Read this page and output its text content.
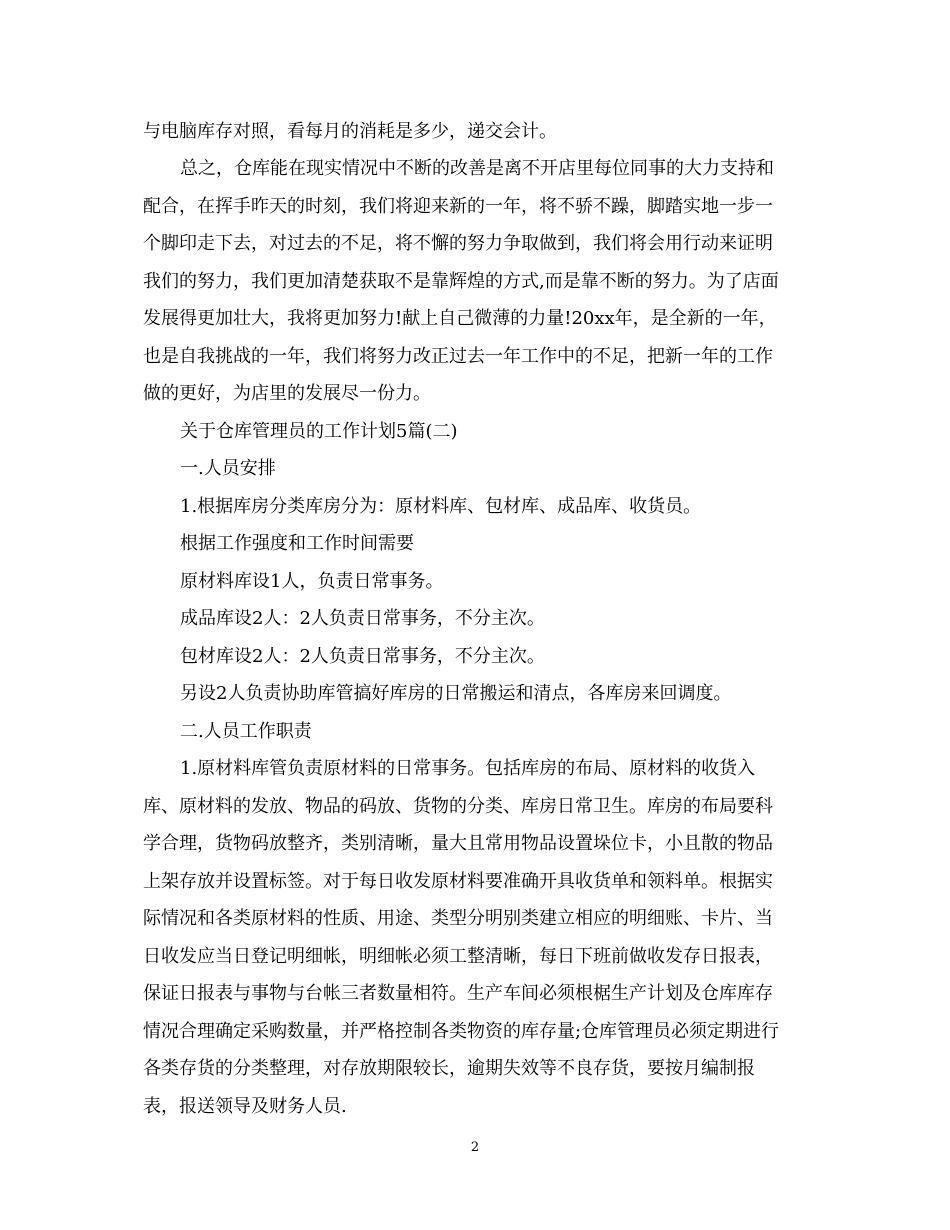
与电脑库存对照，看每月的消耗是多少，递交会计。
总之，仓库能在现实情况中不断的改善是离不开店里每位同事的大力支持和
配合，在挥手昨天的时刻，我们将迎来新的一年，将不骄不躁，脚踏实地一步一
个脚印走下去，对过去的不足，将不懈的努力争取做到，我们将会用行动来证明
我们的努力，我们更加清楚获取不是靠辉煌的方式,而是靠不断的努力。为了店面
发展得更加壮大，我将更加努力!献上自己微薄的力量!20xx年，是全新的一年，
也是自我挑战的一年，我们将努力改正过去一年工作中的不足，把新一年的工作
做的更好，为店里的发展尽一份力。
关于仓库管理员的工作计划5篇(二)
一.人员安排
1.根据库房分类库房分为：原材料库、包材库、成品库、收货员。
根据工作强度和工作时间需要
原材料库设1人，负责日常事务。
成品库设2人：2人负责日常事务，不分主次。
包材库设2人：2人负责日常事务，不分主次。
另设2人负责协助库管搞好库房的日常搬运和清点，各库房来回调度。
二.人员工作职责
1.原材料库管负责原材料的日常事务。包括库房的布局、原材料的收货入
库、原材料的发放、物品的码放、货物的分类、库房日常卫生。库房的布局要科
学合理，货物码放整齐，类别清晰，量大且常用物品设置垛位卡，小且散的物品
上架存放并设置标签。对于每日收发原材料要准确开具收货单和领料单。根据实
际情况和各类原材料的性质、用途、类型分明别类建立相应的明细账、卡片、当
日收发应当日登记明细帐，明细帐必须工整清晰，每日下班前做收发存日报表，
保证日报表与事物与台帐三者数量相符。生产车间必须根椐生产计划及仓库库存
情况合理确定采购数量，并严格控制各类物资的库存量;仓库管理员必须定期进行
各类存货的分类整理，对存放期限较长，逾期失效等不良存货，要按月编制报
表，报送领导及财务人员.
2
